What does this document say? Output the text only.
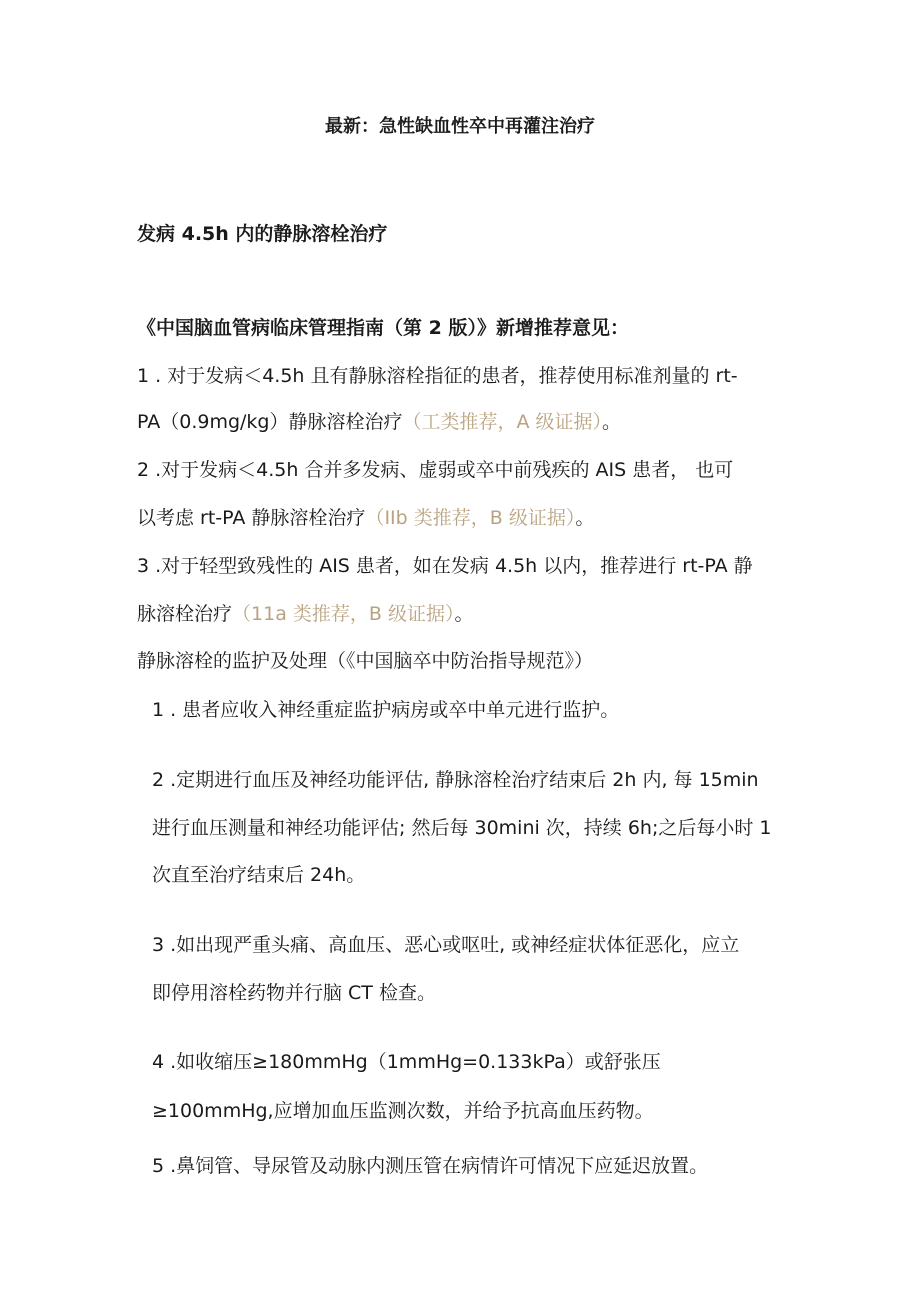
最新：急性缺血性卒中再灌注治疗
发病 4.5h 内的静脉溶栓治疗
《中国脑血管病临床管理指南（第 2 版）》新增推荐意见：
1 . 对于发病＜4.5h 且有静脉溶栓指征的患者，推荐使用标准剂量的 rt-
PA（0.9mg/kg）静脉溶栓治疗（工类推荐，A 级证据）。
2 .对于发病＜4.5h 合并多发病、虚弱或卒中前残疾的 AIS 患者， 也可
以考虑 rt-PA 静脉溶栓治疗（IIb 类推荐，B 级证据）。
3 .对于轻型致残性的 AIS 患者，如在发病 4.5h 以内，推荐进行 rt-PA 静
脉溶栓治疗（11a 类推荐，B 级证据）。
静脉溶栓的监护及处理（《中国脑卒中防治指导规范》）
1 . 患者应收入神经重症监护病房或卒中单元进行监护。
2 .定期进行血压及神经功能评估, 静脉溶栓治疗结束后 2h 内, 每 15min
进行血压测量和神经功能评估; 然后每 30mini 次，持续 6h;之后每小时 1
次直至治疗结束后 24h。
3 .如出现严重头痛、高血压、恶心或呕吐, 或神经症状体征恶化，应立
即停用溶栓药物并行脑 CT 检查。
4 .如收缩压≥180mmHg（1mmHg=0.133kPa）或舒张压
≥100mmHg,应增加血压监测次数，并给予抗高血压药物。
5 .鼻饲管、导尿管及动脉内测压管在病情许可情况下应延迟放置。
